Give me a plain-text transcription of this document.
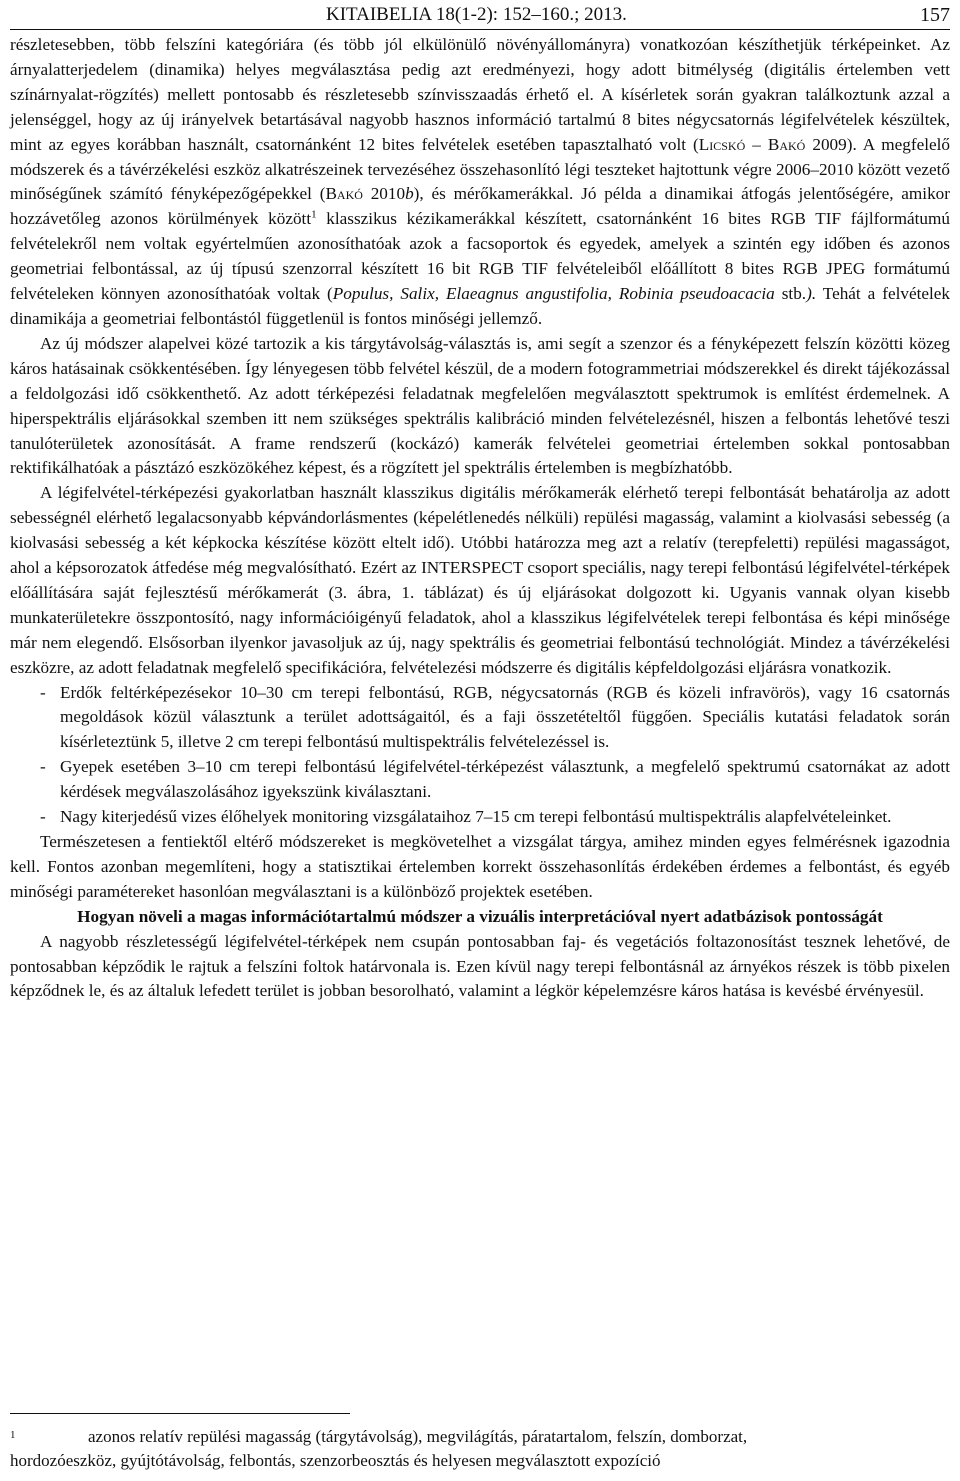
KITAIBELIA 18(1-2): 152–160.; 2013.	157

részletesebben, több felszíni kategóriára (és több jól elkülönülő növényállományra) vonatkozóan készíthetjük térképeinket. Az árnyalatterjedelem (dinamika) helyes megválasztása pedig azt eredményezi, hogy adott bitmélység (digitális értelemben vett színárnyalat-rögzítés) mellett pontosabb és részletesebb színvisszaadás érhető el. A kísérletek során gyakran találkoztunk azzal a jelenséggel, hogy az új irányelvek betartásával nagyobb hasznos információ tartalmú 8 bites négycsatornás légifelvételek készültek, mint az egyes korábban használt, csatornánként 12 bites felvételek esetében tapasztalható volt (Licskó – Bakó 2009). A megfelelő módszerek és a távérzékelési eszköz alkatrészeinek tervezéséhez összehasonlító légi teszteket hajtottunk végre 2006–2010 között vezető minőségűnek számító fényképezőgépekkel (Bakó 2010b), és mérőkamerákkal. Jó példa a dinamikai átfogás jelentőségére, amikor hozzávetőleg azonos körülmények között$^1$ klasszikus kézikamerákkal készített, csatornánként 16 bites RGB TIF fájlformátumú felvételekről nem voltak egyértelműen azonosíthatóak azok a facsoportok és egyedek, amelyek a szintén egy időben és azonos geometriai felbontással, az új típusú szenzorral készített 16 bit RGB TIF felvételeiből előállított 8 bites RGB JPEG formátumú felvételeken könnyen azonosíthatóak voltak (Populus, Salix, Elaeagnus angustifolia, Robinia pseudoacacia stb.). Tehát a felvételek dinamikája a geometriai felbontástól függetlenül is fontos minőségi jellemző.

Az új módszer alapelvei közé tartozik a kis tárgytávolság-választás is, ami segít a szenzor és a fényképezett felszín közötti közeg káros hatásainak csökkentésében. Így lényegesen több felvétel készül, de a modern fotogrammetriai módszerekkel és direkt tájékozással a feldolgozási idő csökkenthető. Az adott térképezési feladatnak megfelelően megválasztott spektrumok is említést érdemelnek. A hiperspektrális eljárásokkal szemben itt nem szükséges spektrális kalibráció minden felvételezésnél, hiszen a felbontás lehetővé teszi tanulóterületek azonosítását. A frame rendszerű (kockázó) kamerák felvételei geometriai értelemben sokkal pontosabban rektifikálhatóak a pásztázó eszközökéhez képest, és a rögzített jel spektrális értelemben is megbízhatóbb.

A légifelvétel-térképezési gyakorlatban használt klasszikus digitális mérőkamerák elérhető terepi felbontását behatárolja az adott sebességnél elérhető legalacsonyabb képvándorlásmentes (képelétlenedés nélküli) repülési magasság, valamint a kiolvasási sebesség (a kiolvasási sebesség a két képkocka készítése között eltelt idő). Utóbbi határozza meg azt a relatív (terepfeletti) repülési magasságot, ahol a képsorozatok átfedése még megvalósítható. Ezért az INTERSPECT csoport speciális, nagy terepi felbontású légifelvétel-térképek előállítására saját fejlesztésű mérőkamerát (3. ábra, 1. táblázat) és új eljárásokat dolgozott ki. Ugyanis vannak olyan kisebb munkaterületekre összpontosító, nagy információigényű feladatok, ahol a klasszikus légifelvételek terepi felbontása és képi minősége már nem elegendő. Elsősorban ilyenkor javasoljuk az új, nagy spektrális és geometriai felbontású technológiát. Mindez a távérzékelési eszközre, az adott feladatnak megfelelő specifikációra, felvételezési módszerre és digitális képfeldolgozási eljárásra vonatkozik.

- Erdők feltérképezésekor 10–30 cm terepi felbontású, RGB, négycsatornás (RGB és közeli infravörös), vagy 16 csatornás megoldások közül választunk a terület adottságaitól, és a faji összetételtől függően. Speciális kutatási feladatok során kísérleteztünk 5, illetve 2 cm terepi felbontású multispektrális felvételezéssel is.
- Gyepek esetében 3–10 cm terepi felbontású légifelvétel-térképezést választunk, a megfelelő spektrumú csatornákat az adott kérdések megválaszolásához igyekszünk kiválasztani.
- Nagy kiterjedésű vizes élőhelyek monitoring vizsgálataihoz 7–15 cm terepi felbontású multispektrális alapfelvételeinket.

Természetesen a fentiektől eltérő módszereket is megkövetelhet a vizsgálat tárgya, amihez minden egyes felmérésnek igazodnia kell. Fontos azonban megemlíteni, hogy a statisztikai értelemben korrekt összehasonlítás érdekében érdemes a felbontást, és egyéb minőségi paramétereket hasonlóan megválasztani is a különböző projektek esetében.

Hogyan növeli a magas információtartalmú módszer a vizuális interpretációval nyert adatbázisok pontosságát

A nagyobb részletességű légifelvétel-térképek nem csupán pontosabban faj- és vegetációs foltazonosítást tesznek lehetővé, de pontosabban képződik le rajtuk a felszíni foltok határvonala is. Ezen kívül nagy terepi felbontásnál az árnyékos részek is több pixelen képződnek le, és az általuk lefedett terület is jobban besorolható, valamint a légkör képelemzésre káros hatása is kevésbé érvényesül.

1	azonos relatív repülési magasság (tárgytávolság), megvilágítás, páratartalom, felszín, domborzat,
hordozóeszköz, gyújtótávolság, felbontás, szenzorbeosztás és helyesen megválasztott expozíció
